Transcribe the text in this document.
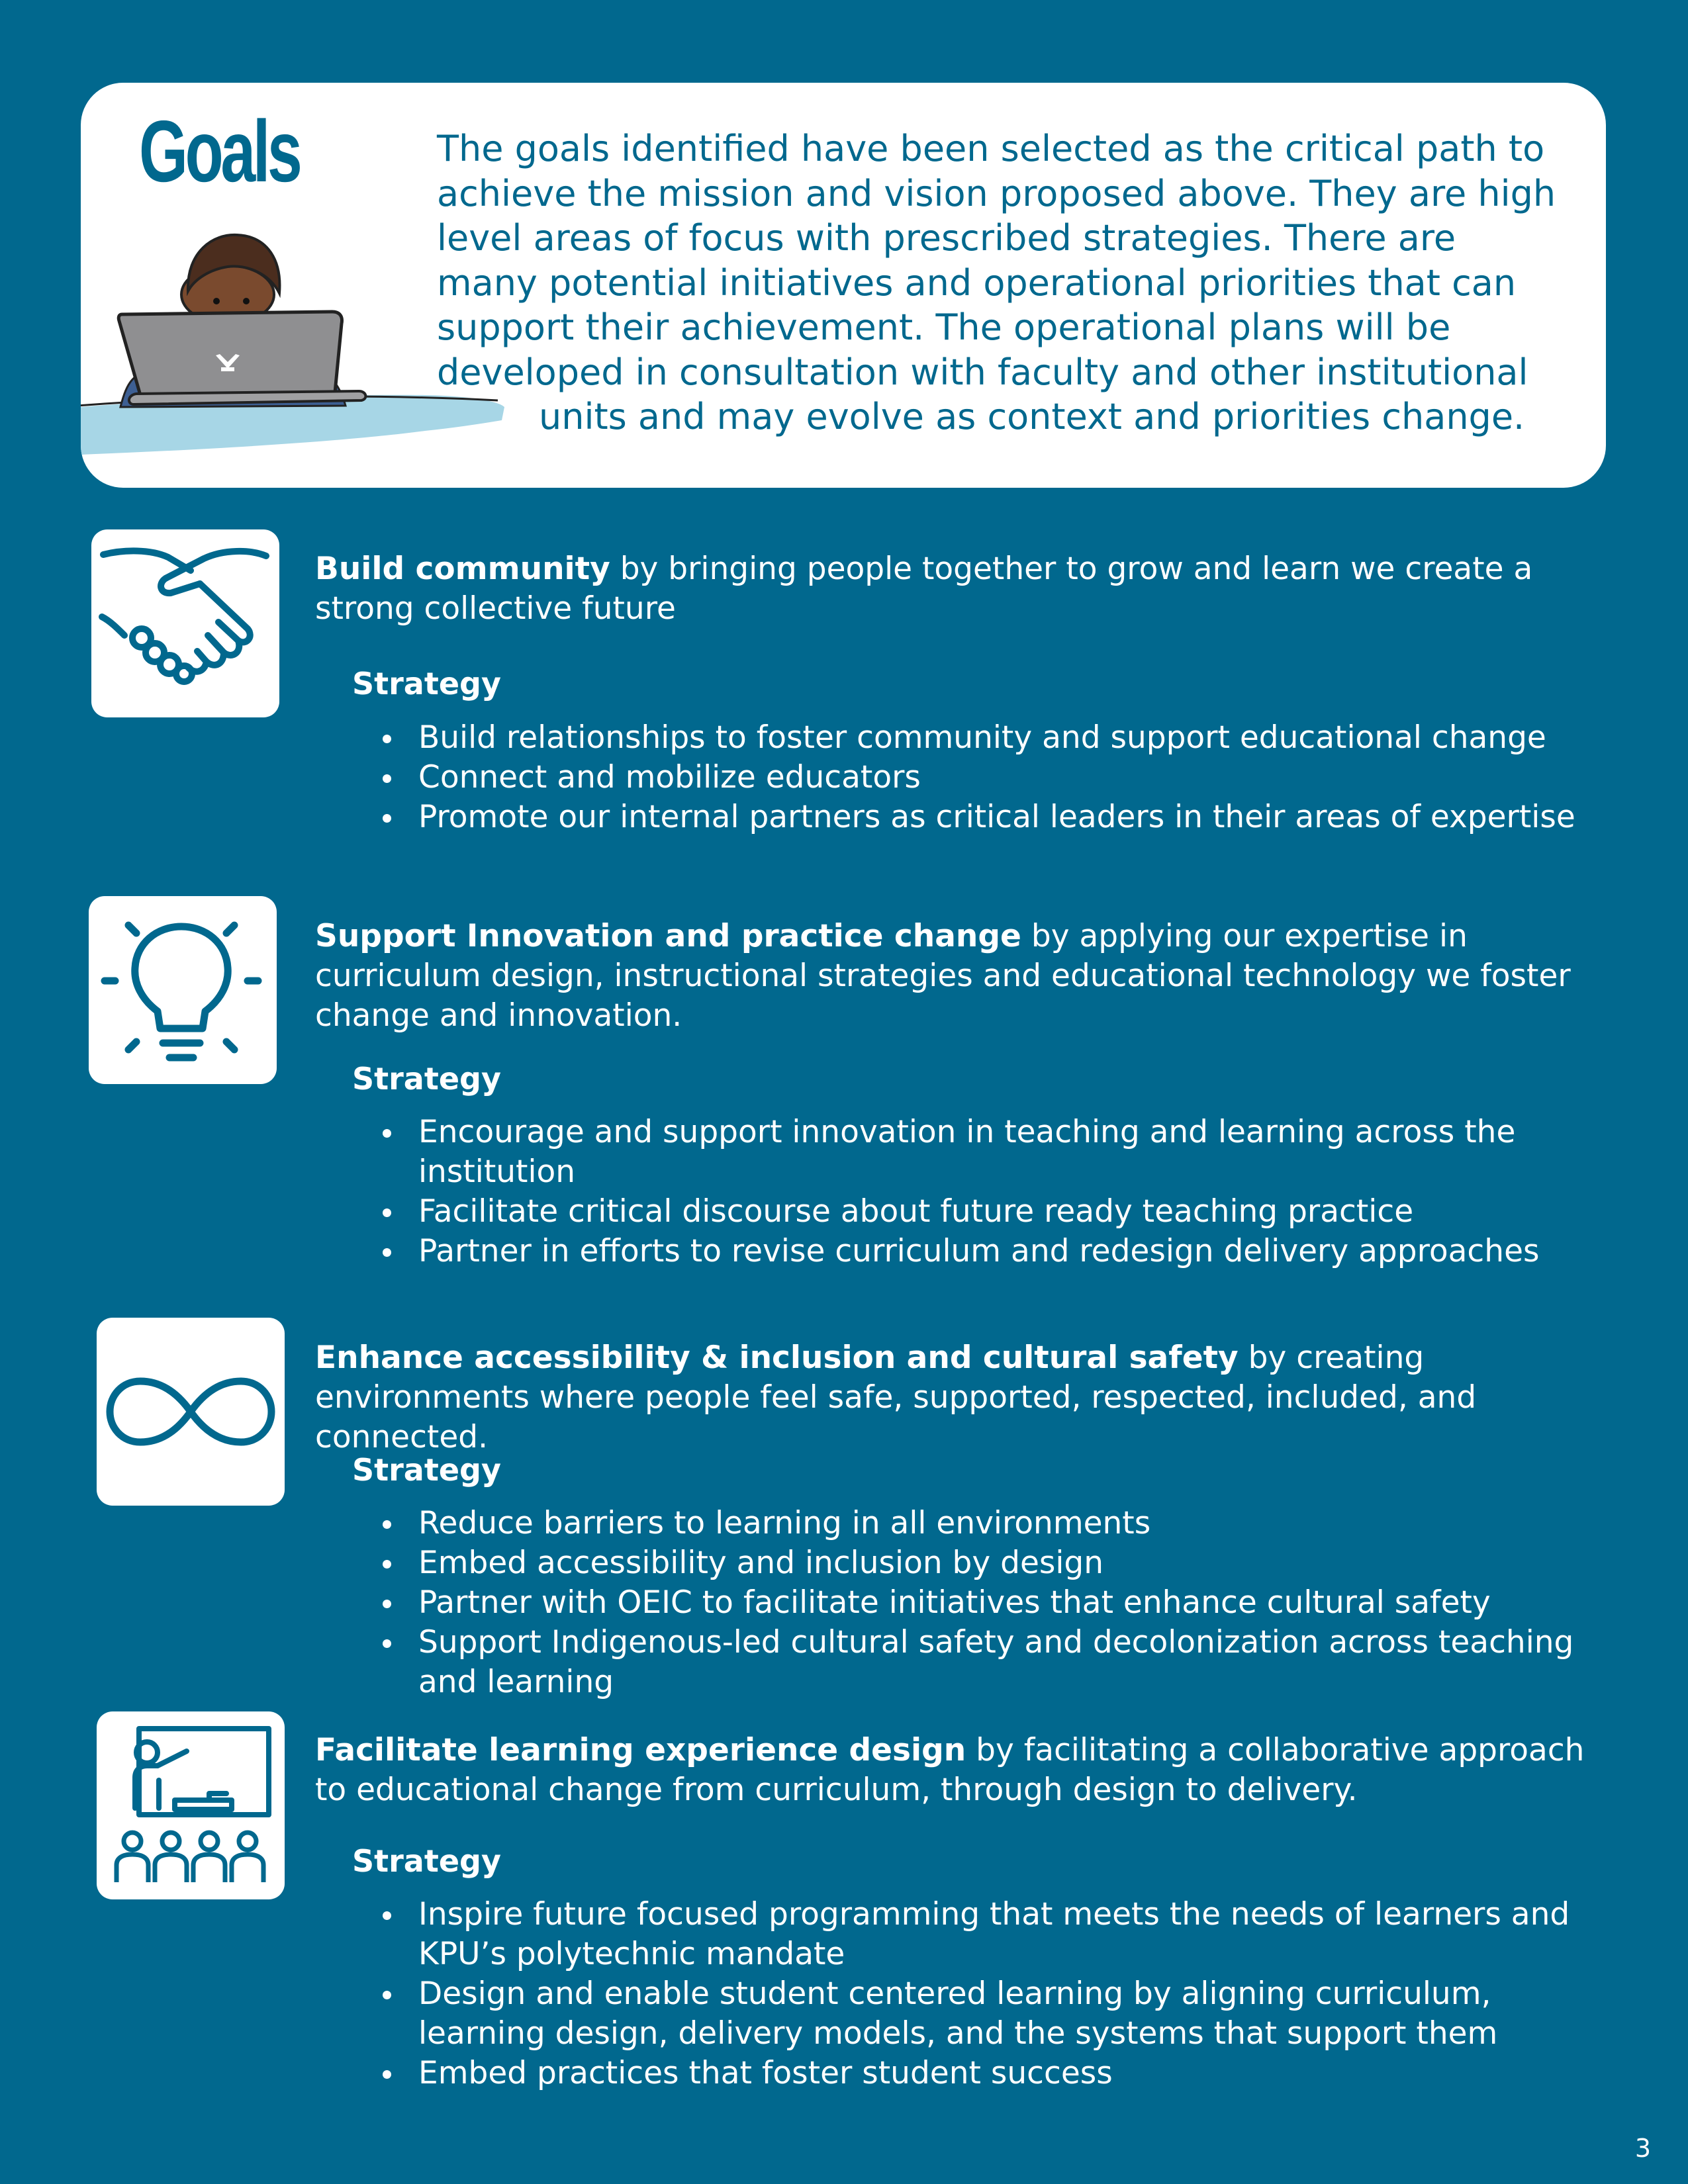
Goals	The goals identified have been selected as the critical path to
achieve the mission and vision proposed above. They are high
level areas of focus with prescribed strategies. There are
many potential initiatives and operational priorities that can
support their achievement. The operational plans will be
developed in consultation with faculty and other institutional
units and may evolve as context and priorities change.
Build community by bringing people together to grow and learn we create a strong collective future
Strategy
Build relationships to foster community and support educational change
Connect and mobilize educators
Promote our internal partners as critical leaders in their areas of expertise
Support Innovation and practice change by applying our expertise in curriculum design, instructional strategies and educational technology we foster change and innovation.
Strategy
Encourage and support innovation in teaching and learning across the institution
Facilitate critical discourse about future ready teaching practice
Partner in efforts to revise curriculum and redesign delivery approaches
Enhance accessibility & inclusion and cultural safety by creating environments where people feel safe, supported, respected, included, and connected.
Strategy
Reduce barriers to learning in all environments
Embed accessibility and inclusion by design
Partner with OEIC to facilitate initiatives that enhance cultural safety
Support Indigenous-led cultural safety and decolonization across teaching and learning
Facilitate learning experience design by facilitating a collaborative approach to educational change from curriculum, through design to delivery.
Strategy
Inspire future focused programming that meets the needs of learners and KPU’s polytechnic mandate
Design and enable student centered learning by aligning curriculum, learning design, delivery models, and the systems that support them
Embed practices that foster student success
3
